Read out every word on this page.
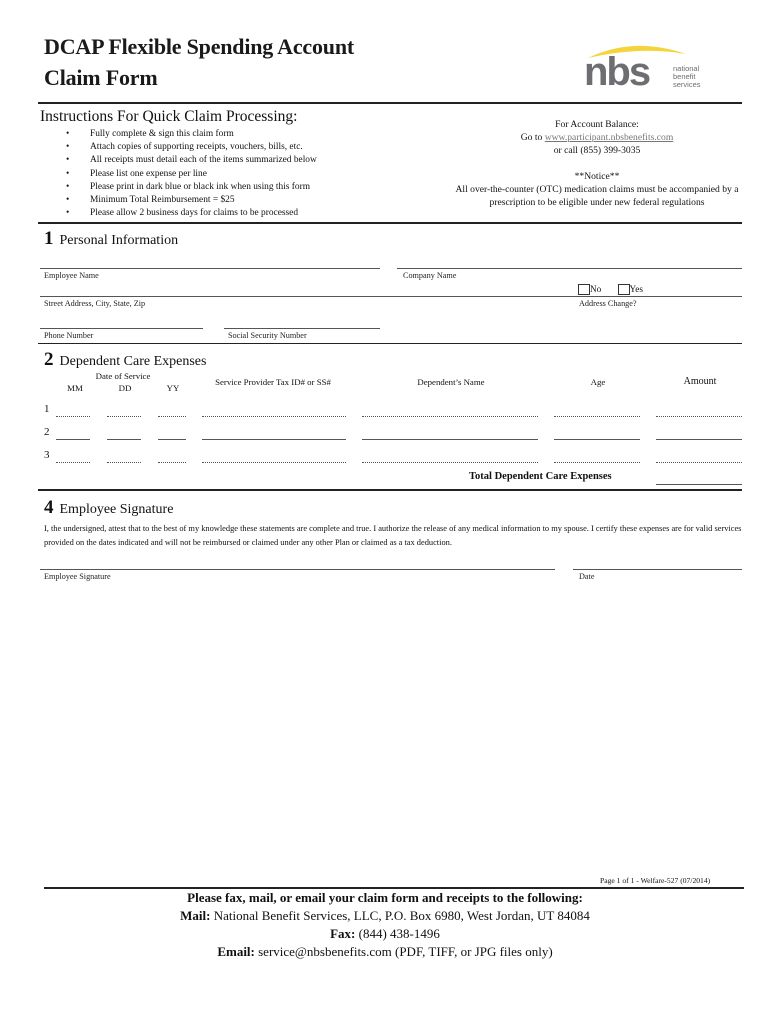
DCAP Flexible Spending Account
Claim Form	nbs	national
benefit
services
Instructions For Quick Claim Processing:
• Fully complete & sign this claim form
• Attach copies of supporting receipts, vouchers, bills, etc.
• All receipts must detail each of the items summarized below
• Please list one expense per line
• Please print in dark blue or black ink when using this form
• Minimum Total Reimbursement = $25
• Please allow 2 business days for claims to be processed
For Account Balance:
Go to www.participant.nbsbenefits.com
or call (855) 399-3035
**Notice**
All over-the-counter (OTC) medication claims must be accompanied by a
prescription to be eligible under new federal regulations
1 Personal Information
Employee Name	Company Name
Street Address, City, State, Zip
No	Yes
Address Change?
Phone Number	Social Security Number
2 Dependent Care Expenses
Date of Service
MM	DD	YY
Service Provider Tax ID# or SS#	Dependent’s Name	Age	Amount
1
2
3
Total Dependent Care Expenses
4 Employee Signature
I, the undersigned, attest that to the best of my knowledge these statements are complete and true. I authorize the release of any medical information to my spouse. I certify these expenses are for valid services provided on the dates indicated and will not be reimbursed or claimed under any other Plan or claimed as a tax deduction.
Employee Signature	Date
Page 1 of 1 - Welfare-527 (07/2014)
Please fax, mail, or email your claim form and receipts to the following:
Mail: National Benefit Services, LLC, P.O. Box 6980, West Jordan, UT 84084
Fax: (844) 438-1496
Email: service@nbsbenefits.com (PDF, TIFF, or JPG files only)
